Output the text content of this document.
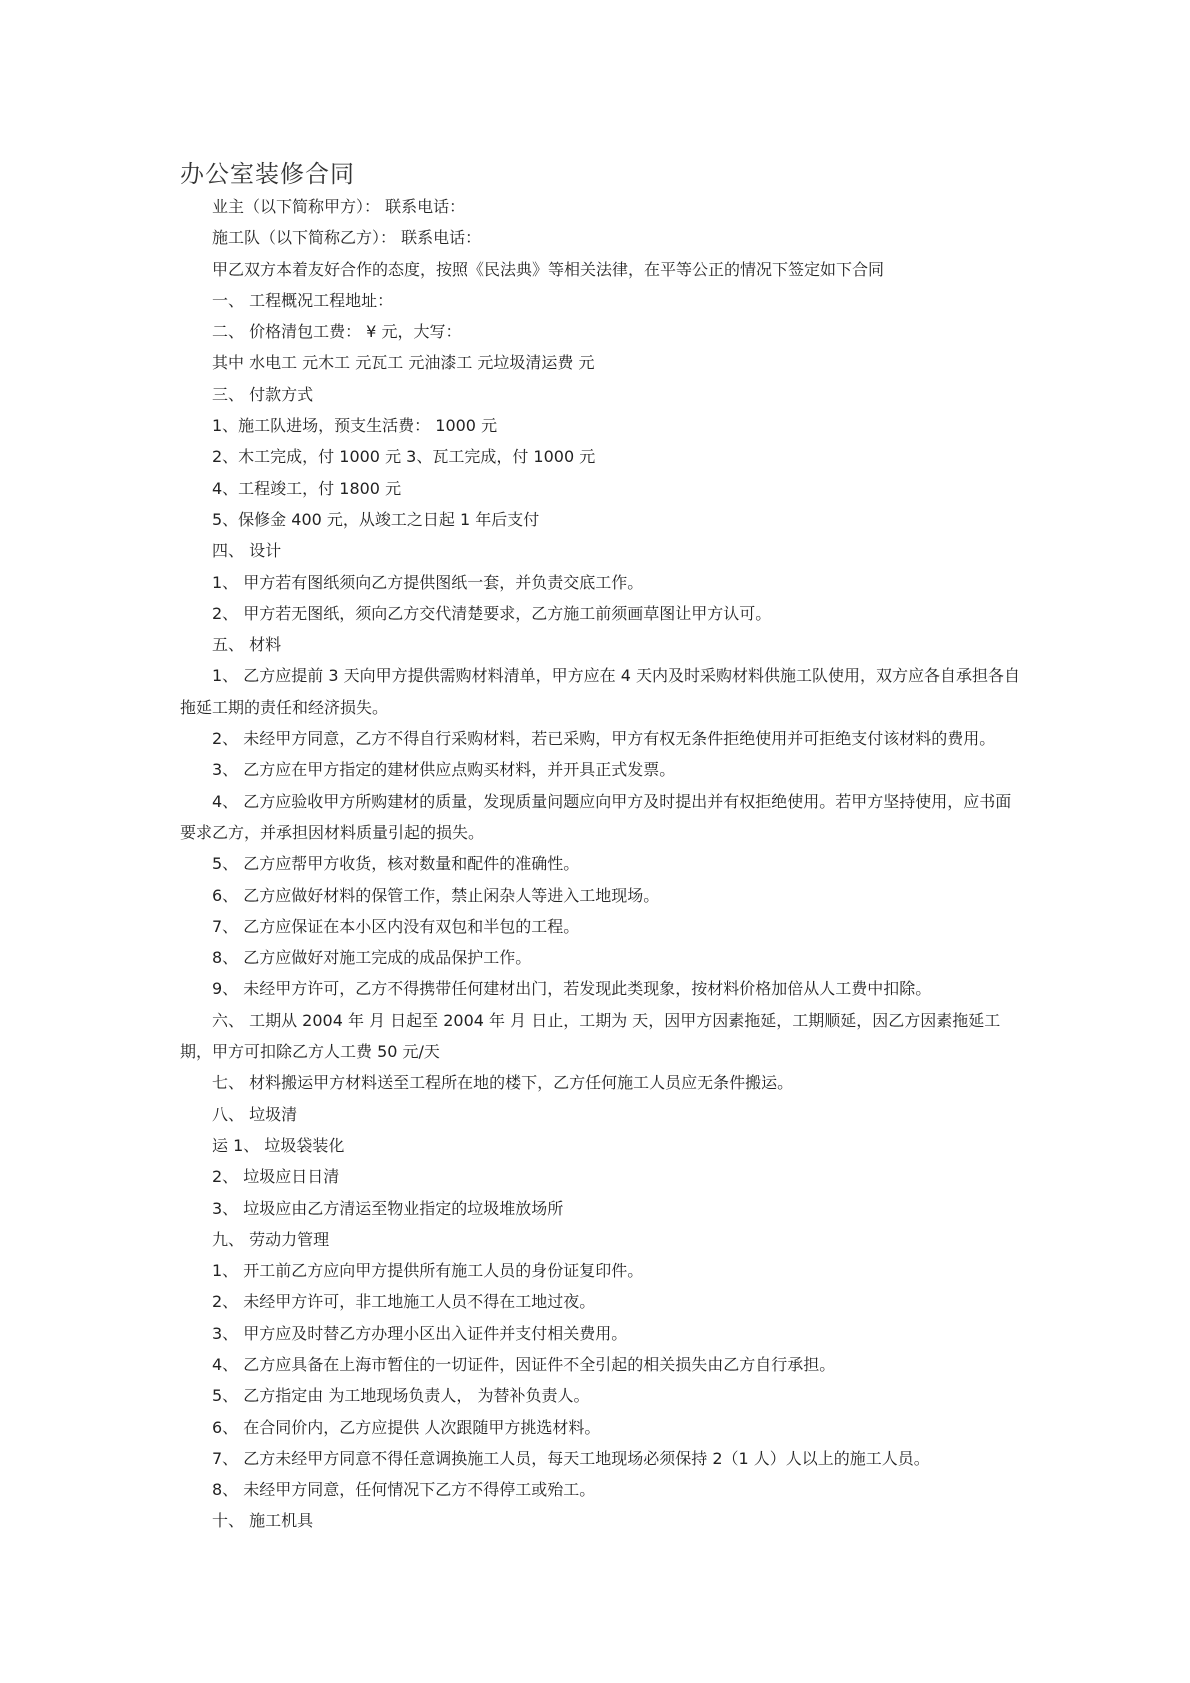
办公室装修合同

业主（以下简称甲方）： 联系电话：

施工队（以下简称乙方）： 联系电话：

甲乙双方本着友好合作的态度，按照《民法典》等相关法律，在平等公正的情况下签定如下合同

一、 工程概况工程地址：

二、 价格清包工费： ¥ 元，大写：

其中 水电工 元木工 元瓦工 元油漆工 元垃圾清运费 元

三、 付款方式

1、施工队进场，预支生活费： 1000 元

2、木工完成，付 1000 元 3、瓦工完成，付 1000 元

4、工程竣工，付 1800 元

5、保修金 400 元，从竣工之日起 1 年后支付

四、 设计

1、 甲方若有图纸须向乙方提供图纸一套，并负责交底工作。

2、 甲方若无图纸，须向乙方交代清楚要求，乙方施工前须画草图让甲方认可。

五、 材料

1、 乙方应提前 3 天向甲方提供需购材料清单，甲方应在 4 天内及时采购材料供施工队使用，双方应各自承担各自拖延工期的责任和经济损失。

2、 未经甲方同意，乙方不得自行采购材料，若已采购，甲方有权无条件拒绝使用并可拒绝支付该材料的费用。

3、 乙方应在甲方指定的建材供应点购买材料，并开具正式发票。

4、 乙方应验收甲方所购建材的质量，发现质量问题应向甲方及时提出并有权拒绝使用。若甲方坚持使用，应书面要求乙方，并承担因材料质量引起的损失。

5、 乙方应帮甲方收货，核对数量和配件的准确性。

6、 乙方应做好材料的保管工作，禁止闲杂人等进入工地现场。

7、 乙方应保证在本小区内没有双包和半包的工程。

8、 乙方应做好对施工完成的成品保护工作。

9、 未经甲方许可，乙方不得携带任何建材出门，若发现此类现象，按材料价格加倍从人工费中扣除。

六、 工期从 2004 年 月 日起至 2004 年 月 日止，工期为 天，因甲方因素拖延，工期顺延，因乙方因素拖延工期，甲方可扣除乙方人工费 50 元/天

七、 材料搬运甲方材料送至工程所在地的楼下，乙方任何施工人员应无条件搬运。

八、 垃圾清

运 1、 垃圾袋装化

2、 垃圾应日日清

3、 垃圾应由乙方清运至物业指定的垃圾堆放场所

九、 劳动力管理

1、 开工前乙方应向甲方提供所有施工人员的身份证复印件。

2、 未经甲方许可，非工地施工人员不得在工地过夜。

3、 甲方应及时替乙方办理小区出入证件并支付相关费用。

4、 乙方应具备在上海市暂住的一切证件，因证件不全引起的相关损失由乙方自行承担。

5、 乙方指定由 为工地现场负责人， 为替补负责人。

6、 在合同价内，乙方应提供 人次跟随甲方挑选材料。

7、 乙方未经甲方同意不得任意调换施工人员，每天工地现场必须保持 2（1 人）人以上的施工人员。

8、 未经甲方同意，任何情况下乙方不得停工或殆工。

十、 施工机具
